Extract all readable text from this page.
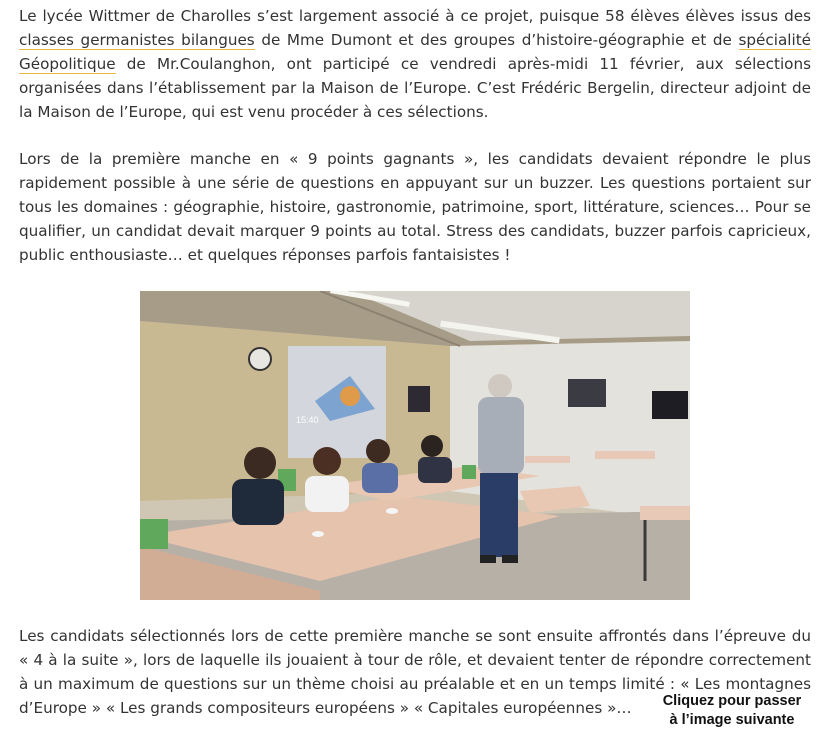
Le lycée Wittmer de Charolles s’est largement associé à ce projet, puisque 58 élèves élèves issus des classes germanistes bilangues de Mme Dumont et des groupes d’histoire-géographie et de spécialité Géopolitique de Mr.Coulanghon, ont participé ce vendredi après-midi 11 février, aux sélections organisées dans l’établissement par la Maison de l’Europe. C’est Frédéric Bergelin, directeur adjoint de la Maison de l’Europe, qui est venu procéder à ces sélections.

Lors de la première manche en « 9 points gagnants », les candidats devaient répondre le plus rapidement possible à une série de questions en appuyant sur un buzzer. Les questions portaient sur tous les domaines : géographie, histoire, gastronomie, patrimoine, sport, littérature, sciences… Pour se qualifier, un candidat devait marquer 9 points au total. Stress des candidats, buzzer parfois capricieux, public enthousiaste… et quelques réponses parfois fantaisistes !

15:40

Les candidats sélectionnés lors de cette première manche se sont ensuite affrontés dans l’épreuve du « 4 à la suite », lors de laquelle ils jouaient à tour de rôle, et devaient tenter de répondre correctement à un maximum de questions sur un thème choisi au préalable et en un temps limité : « Les montagnes d’Europe » « Les grands compositeurs européens » « Capitales européennes »…	Cliquez pour passer
à l’image suivante
